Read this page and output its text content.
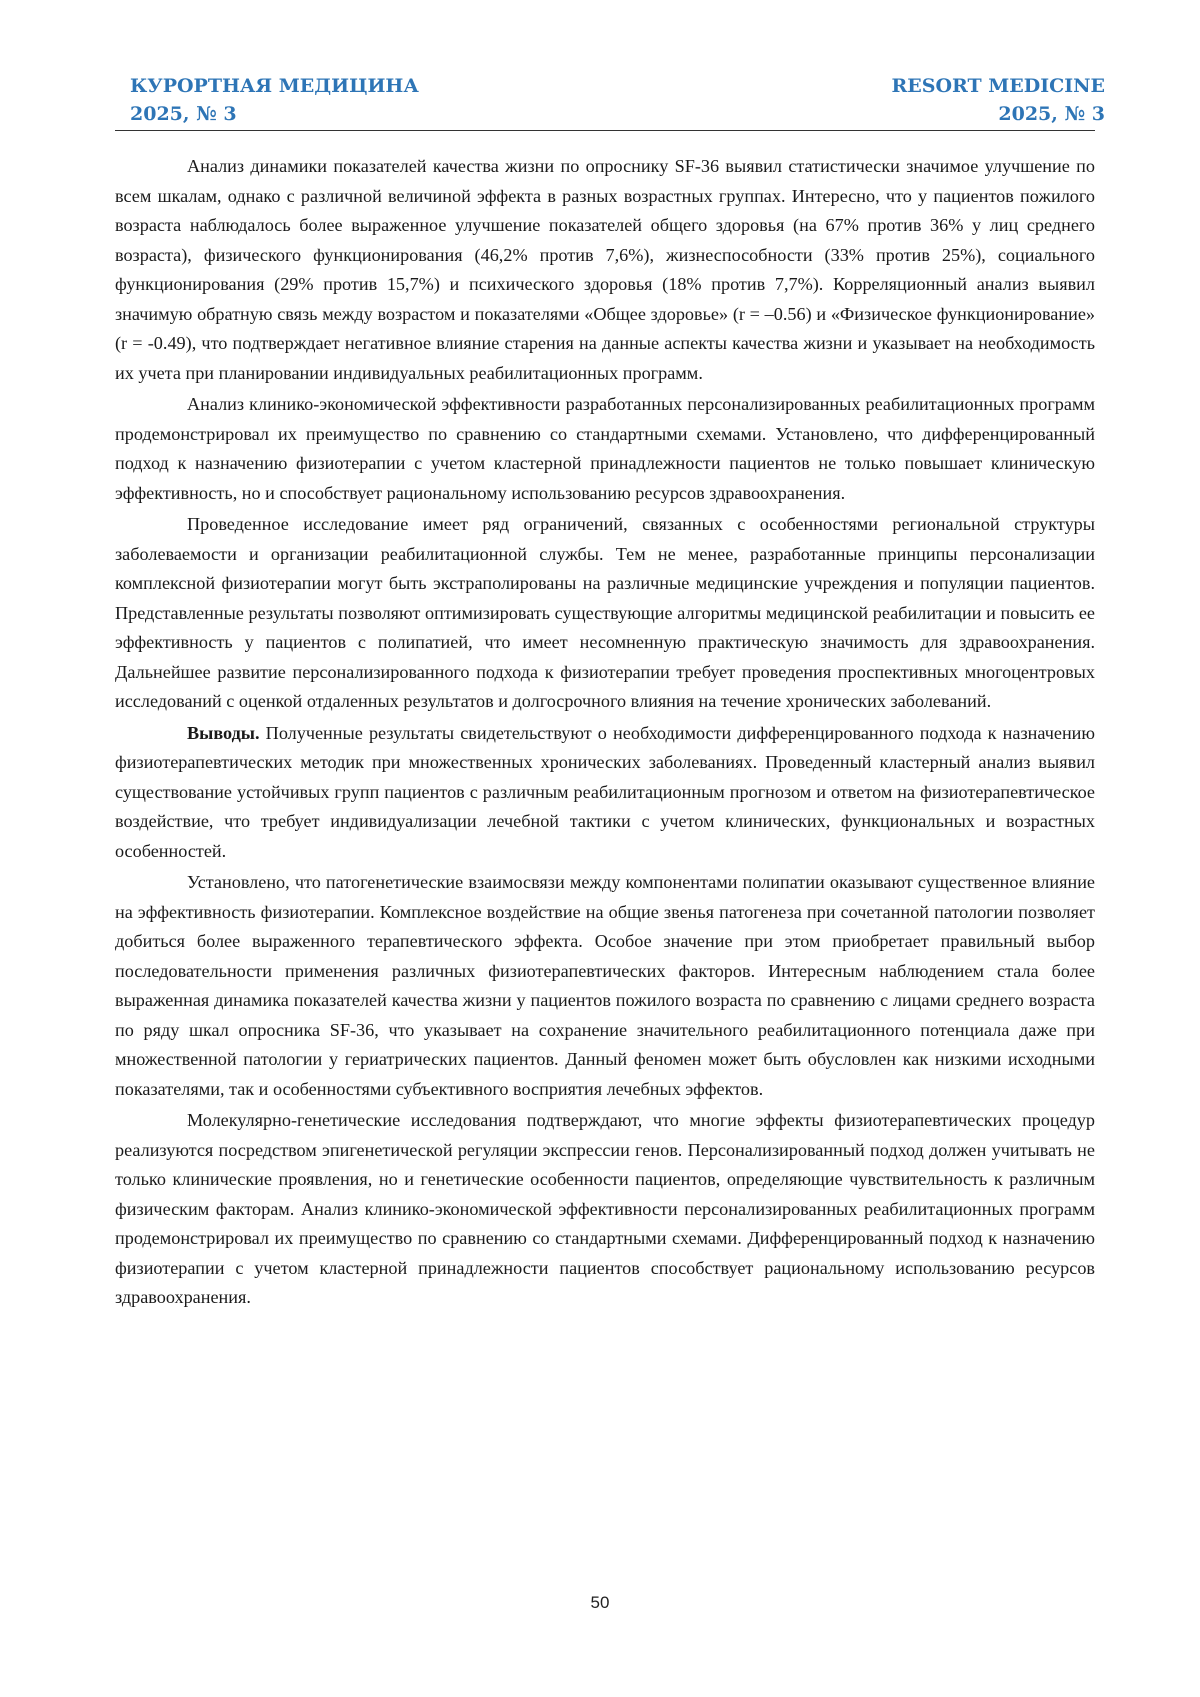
КУРОРТНАЯ МЕДИЦИНА
2025, № 3
RESORT MEDICINE
2025, № 3

Анализ динамики показателей качества жизни по опроснику SF-36 выявил статистически значимое улучшение по всем шкалам, однако с различной величиной эффекта в разных возрастных группах. Интересно, что у пациентов пожилого возраста наблюдалось более выраженное улучшение показателей общего здоровья (на 67% против 36% у лиц среднего возраста), физического функционирования (46,2% против 7,6%), жизнеспособности (33% против 25%), социального функционирования (29% против 15,7%) и психического здоровья (18% против 7,7%). Корреляционный анализ выявил значимую обратную связь между возрастом и показателями «Общее здоровье» (r = –0.56) и «Физическое функционирование» (r = -0.49), что подтверждает негативное влияние старения на данные аспекты качества жизни и указывает на необходимость их учета при планировании индивидуальных реабилитационных программ.

Анализ клинико-экономической эффективности разработанных персонализированных реабилитационных программ продемонстрировал их преимущество по сравнению со стандартными схемами. Установлено, что дифференцированный подход к назначению физиотерапии с учетом кластерной принадлежности пациентов не только повышает клиническую эффективность, но и способствует рациональному использованию ресурсов здравоохранения.

Проведенное исследование имеет ряд ограничений, связанных с особенностями региональной структуры заболеваемости и организации реабилитационной службы. Тем не менее, разработанные принципы персонализации комплексной физиотерапии могут быть экстраполированы на различные медицинские учреждения и популяции пациентов. Представленные результаты позволяют оптимизировать существующие алгоритмы медицинской реабилитации и повысить ее эффективность у пациентов с полипатией, что имеет несомненную практическую значимость для здравоохранения. Дальнейшее развитие персонализированного подхода к физиотерапии требует проведения проспективных многоцентровых исследований с оценкой отдаленных результатов и долгосрочного влияния на течение хронических заболеваний.

Выводы. Полученные результаты свидетельствуют о необходимости дифференцированного подхода к назначению физиотерапевтических методик при множественных хронических заболеваниях. Проведенный кластерный анализ выявил существование устойчивых групп пациентов с различным реабилитационным прогнозом и ответом на физиотерапевтическое воздействие, что требует индивидуализации лечебной тактики с учетом клинических, функциональных и возрастных особенностей.

Установлено, что патогенетические взаимосвязи между компонентами полипатии оказывают существенное влияние на эффективность физиотерапии. Комплексное воздействие на общие звенья патогенеза при сочетанной патологии позволяет добиться более выраженного терапевтического эффекта. Особое значение при этом приобретает правильный выбор последовательности применения различных физиотерапевтических факторов. Интересным наблюдением стала более выраженная динамика показателей качества жизни у пациентов пожилого возраста по сравнению с лицами среднего возраста по ряду шкал опросника SF-36, что указывает на сохранение значительного реабилитационного потенциала даже при множественной патологии у гериатрических пациентов. Данный феномен может быть обусловлен как низкими исходными показателями, так и особенностями субъективного восприятия лечебных эффектов.

Молекулярно-генетические исследования подтверждают, что многие эффекты физиотерапевтических процедур реализуются посредством эпигенетической регуляции экспрессии генов. Персонализированный подход должен учитывать не только клинические проявления, но и генетические особенности пациентов, определяющие чувствительность к различным физическим факторам. Анализ клинико-экономической эффективности персонализированных реабилитационных программ продемонстрировал их преимущество по сравнению со стандартными схемами. Дифференцированный подход к назначению физиотерапии с учетом кластерной принадлежности пациентов способствует рациональному использованию ресурсов здравоохранения.

50
